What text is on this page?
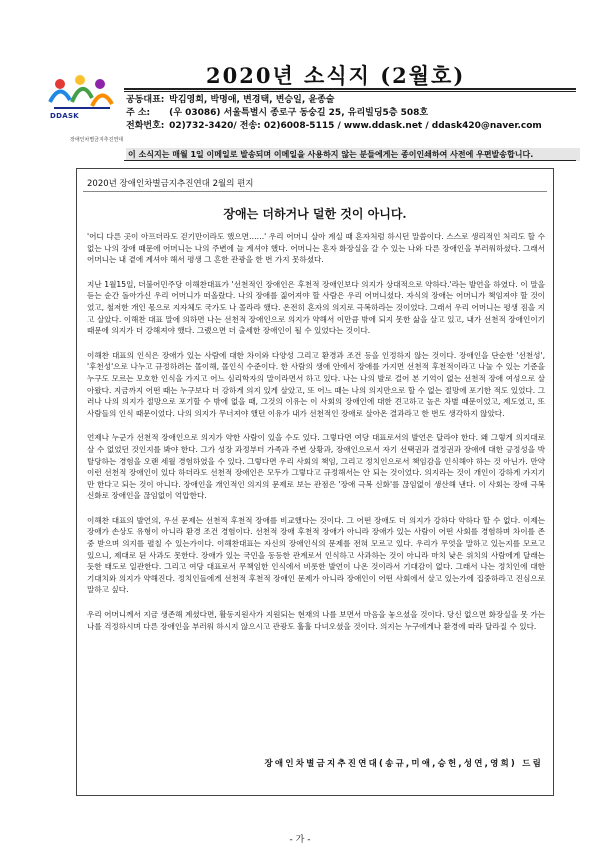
DDASK
장애인차별금지추진연대
2020년 소식지 (2월호)
공동대표: 박김영희, 박명애, 변경택, 변승일, 윤종술
주 소: (우 03086) 서울특별시 종로구 동숭길 25, 유리빌딩5층 508호
전화번호: 02)732-3420/ 전송: 02)6008-5115 / www.ddask.net / ddask420@naver.com
이 소식지는 매월 1일 이메일로 발송되며 이메일을 사용하지 않는 분들에게는 종이인쇄하여 사전에 우편발송합니다.
2020년 장애인차별금지추진연대 2월의 편지
장애는 더하거나 덜한 것이 아니다.

'어디 다른 곳이 아프더라도 걷기만이라도 했으면……' 우리 어머니 살아 계실 때 혼자처럼 하시던 말씀이다. 스스로 생리적인 처리도 할 수 없는 나의 장애 때문에 어머니는 나의 주변에 늘 계셔야 했다. 어머니는 혼자 화장실을 갈 수 있는 나와 다른 장애인을 부러워하셨다. 그래서 어머니는 내 곁에 계셔야 해서 평생 그 흔한 관광을 한 번 가지 못하셨다.

지난 1월15일, 더불어민주당 이해찬대표가 '선천적인 장애인은 후천적 장애인보다 의지가 상대적으로 약하다.'라는 발언을 하였다. 이 말을 듣는 순간 돌아가신 우리 어머니가 떠올랐다. 나의 장애를 짊어져야 할 사람은 우리 어머니셨다. 자식의 장애는 어머니가 책임져야 할 것이었고, 철저한 개인 몫으로 지자체도 국가도 나 몰라라 했다. 온전히 혼자의 의지로 극복하라는 것이었다. 그래서 우리 어머니는 평생 짐을 지고 살았다. 이해찬 대표 말에 의하면 나는 선천적 장애인으로 의지가 약해서 이만큼 밖에 되지 못한 삶을 살고 있고, 내가 선천적 장애인이기 때문에 의지가 더 강해져야 했다. 그랬으면 더 출세한 장애인이 될 수 있었다는 것이다.

이해찬 대표의 인식은 장애가 있는 사람에 대한 차이와 다양성 그리고 환경과 조건 등을 인정하지 않는 것이다. 장애인을 단순한 '선천성', '후천성'으로 나누고 규정하려는 몰이해, 몰인식 수준이다. 한 사람의 생애 안에서 장애를 가지면 선천적 후천적이라고 나눌 수 있는 기준을 누구도 모르는 모호한 인식을 가지고 어느 심리학자의 말이라면서 하고 있다. 나는 나의 발로 걸어 본 기억이 없는 선천적 장애 여성으로 살아왔다. 지금까지 어떤 때는 누구보다 더 강하게 의지 있게 살았고, 또 어느 때는 나의 의지만으로 할 수 없는 절망에 포기한 적도 있었다. 그러나 나의 의지가 절망으로 포기할 수 밖에 없을 때, 그것의 이유는 이 사회의 장애인에 대한 견고하고 높은 차별 때문이었고, 제도였고, 또 사람들의 인식 때문이었다. 나의 의지가 무너져야 했던 이유가 내가 선천적인 장애로 살아온 결과라고 한 번도 생각하지 않았다.

언제나 누군가 선천적 장애인으로 의지가 약한 사람이 있을 수도 있다. 그렇다면 여당 대표로서의 발언은 달라야 한다. 왜 그렇게 의지대로 살 수 없었던 것인지를 봐야 한다. 그가 성장 과정부터 가족과 주변 상황과, 장애인으로서 자기 선택권과 결정권과 장애에 대한 긍정성을 박탈당하는 경험을 오랜 세월 경험하였을 수 있다. 그렇다면 우리 사회의 책임, 그리고 정치인으로서 책임감을 인식해야 하는 것 아닌가. 만약 이런 선천적 장애인이 있다 하더라도 선천적 장애인은 모두가 그렇다고 규정해서는 안 되는 것이었다. 의지라는 것이 개인이 강하게 가지기만 한다고 되는 것이 아니다. 장애인을 개인적인 의지의 문제로 보는 관점은 '장애 극복 신화'를 끊임없이 생산해 낸다. 이 사회는 장애 극복 신화로 장애인을 끊임없이 억압한다.

이해찬 대표의 발언의, 우선 문제는 선천적 후천적 장애를 비교했다는 것이다. 그 어떤 장애도 더 의지가 강하다 약하다 할 수 없다. 이제는 장애가 손상도 유형이 아니라 환경 조건 경험이다. 선천적 장애 후천적 장애가 아니라 장애가 있는 사람이 어떤 사회를 경험하며 차이를 존중 받으며 의지를 펼칠 수 있는가이다. 이해찬대표는 자신의 장애인식의 문제를 전혀 모르고 있다. 우리가 무엇을 말하고 있는지를 모르고 있으니, 제대로 된 사과도 못한다. 장애가 있는 국민을 동등한 관계로서 인식하고 사과하는 것이 아니라 마치 낮은 위치의 사람에게 달래는 듯한 태도로 일관한다. 그리고 여당 대표로서 무책임한 인식에서 비롯한 발언이 나온 것이라서 기대감이 없다. 그래서 나는 정치인에 대한 기대치와 의지가 약해진다. 정치인들에게 선천적 후천적 장애인 문제가 아니라 장애인이 어떤 사회에서 살고 있는가에 집중하라고 진심으로 말하고 싶다.

우리 어머니께서 지금 생존해 계셨다면, 활동지원사가 지원되는 현재의 나를 보면서 마음을 놓으셨을 것이다. 당신 없으면 화장실을 못 가는 나를 걱정하시며 다른 장애인을 부러워 하시지 않으시고 관광도 훌훌 다녀오셨을 것이다. 의지는 누구에게나 환경에 따라 달라질 수 있다.

장애인차별금지추진연대(송규,미애,승헌,성연,영희) 드림
- 가 -
